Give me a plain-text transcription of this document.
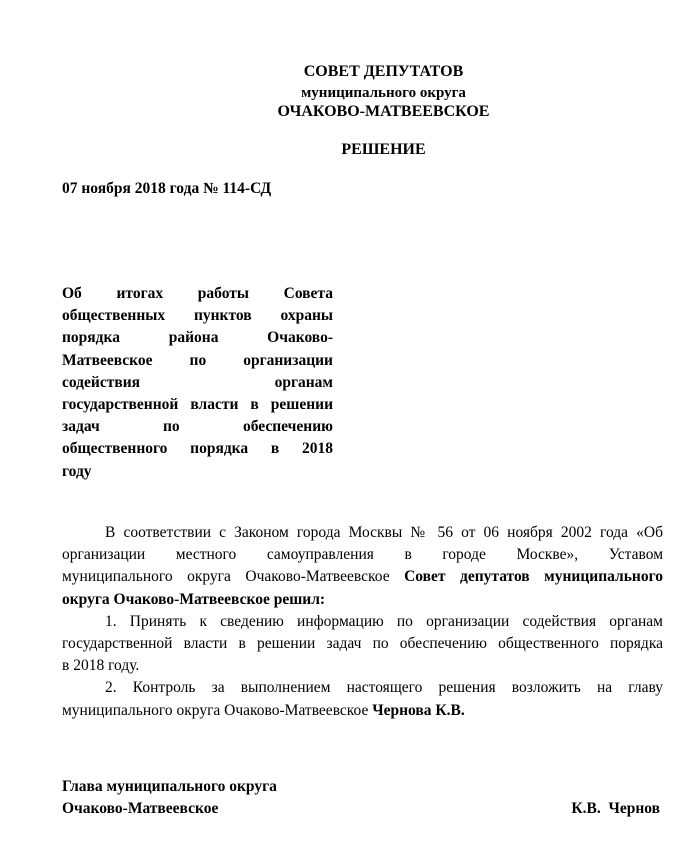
СОВЕТ ДЕПУТАТОВ
муниципального округа
ОЧАКОВО-МАТВЕЕВСКОЕ
РЕШЕНИЕ
07 ноября 2018 года № 114-СД
Об итогах работы Совета
общественных пунктов охраны
порядка района Очаково-
Матвеевское по организации
содействия органам
государственной власти в решении
задач по обеспечению
общественного порядка в 2018
году
В соответствии с Законом города Москвы № 56 от 06 ноября 2002 года «Об
организации местного самоуправления в городе Москве», Уставом
муниципального округа Очаково-Матвеевское Совет депутатов муниципального
округа Очаково-Матвеевское решил:
1. Принять к сведению информацию по организации содействия органам
государственной власти в решении задач по обеспечению общественного порядка
в 2018 году.
2. Контроль за выполнением настоящего решения возложить на главу
муниципального округа Очаково-Матвеевское Чернова К.В.
Глава муниципального округа
Очаково-Матвеевское	К.В.  Чернов
